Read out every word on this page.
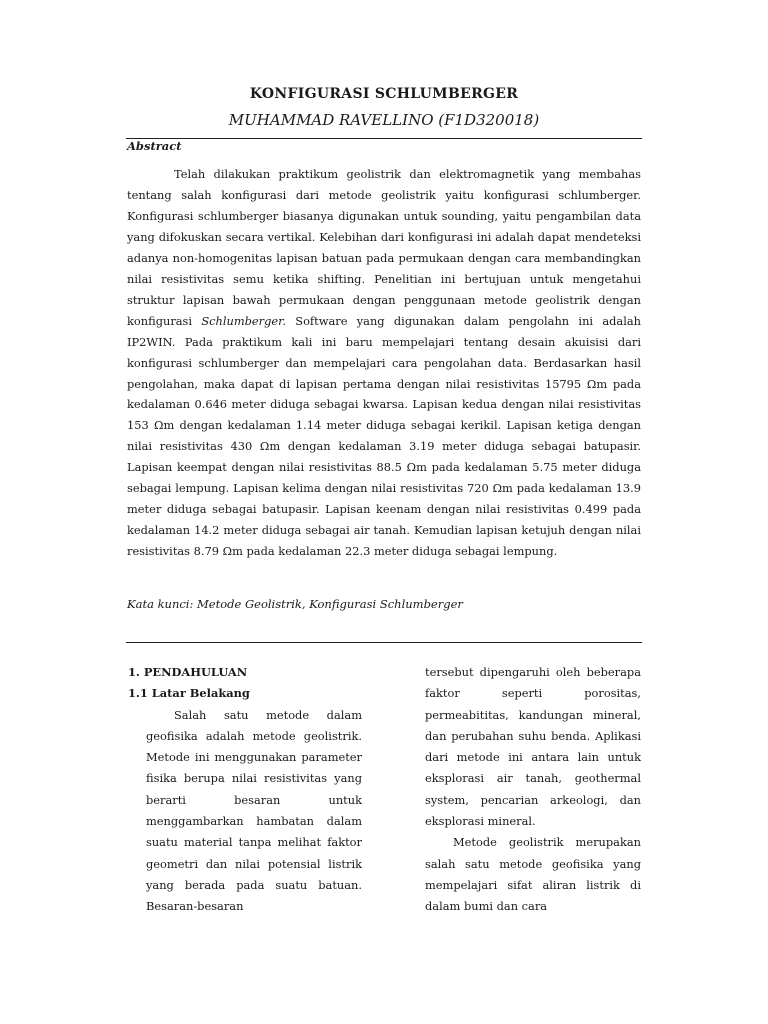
KONFIGURASI SCHLUMBERGER
MUHAMMAD RAVELLINO (F1D320018)
Abstract
Telah dilakukan praktikum geolistrik dan elektromagnetik yang membahas tentang salah konfigurasi dari metode geolistrik yaitu konfigurasi schlumberger. Konfigurasi schlumberger biasanya digunakan untuk sounding, yaitu pengambilan data yang difokuskan secara vertikal. Kelebihan dari konfigurasi ini adalah dapat mendeteksi adanya non-homogenitas lapisan batuan pada permukaan dengan cara membandingkan nilai resistivitas semu ketika shifting. Penelitian ini bertujuan untuk mengetahui struktur lapisan bawah permukaan dengan penggunaan metode geolistrik dengan konfigurasi Schlumberger. Software yang digunakan dalam pengolahn ini adalah IP2WIN. Pada praktikum kali ini baru mempelajari tentang desain akuisisi dari konfigurasi schlumberger dan mempelajari cara pengolahan data. Berdasarkan hasil pengolahan, maka dapat di lapisan pertama dengan nilai resistivitas 15795 Ωm pada kedalaman 0.646 meter diduga sebagai kwarsa. Lapisan kedua dengan nilai resistivitas 153 Ωm dengan kedalaman 1.14 meter diduga sebagai kerikil. Lapisan ketiga dengan nilai resistivitas 430 Ωm dengan kedalaman 3.19 meter diduga sebagai batupasir. Lapisan keempat dengan nilai resistivitas 88.5 Ωm pada kedalaman 5.75 meter diduga sebagai lempung. Lapisan kelima dengan nilai resistivitas 720 Ωm pada kedalaman 13.9 meter diduga sebagai batupasir. Lapisan keenam dengan nilai resistivitas 0.499 pada kedalaman 14.2 meter diduga sebagai air tanah. Kemudian lapisan ketujuh dengan nilai resistivitas 8.79 Ωm pada kedalaman 22.3 meter diduga sebagai lempung.
Kata kunci: Metode Geolistrik, Konfigurasi Schlumberger

1. PENDAHULUAN

1.1 Latar Belakang

Salah satu metode dalam geofisika adalah metode geolistrik. Metode ini menggunakan parameter fisika berupa nilai resistivitas yang berarti besaran untuk menggambarkan hambatan dalam suatu material tanpa melihat faktor geometri dan nilai potensial listrik yang berada pada suatu batuan. Besaran-besaran

tersebut dipengaruhi oleh beberapa faktor seperti porositas, permeabititas, kandungan mineral, dan perubahan suhu benda. Aplikasi dari metode ini antara lain untuk eksplorasi air tanah, geothermal system, pencarian arkeologi, dan eksplorasi mineral.

Metode geolistrik merupakan salah satu metode geofisika yang mempelajari sifat aliran listrik di dalam bumi dan cara
